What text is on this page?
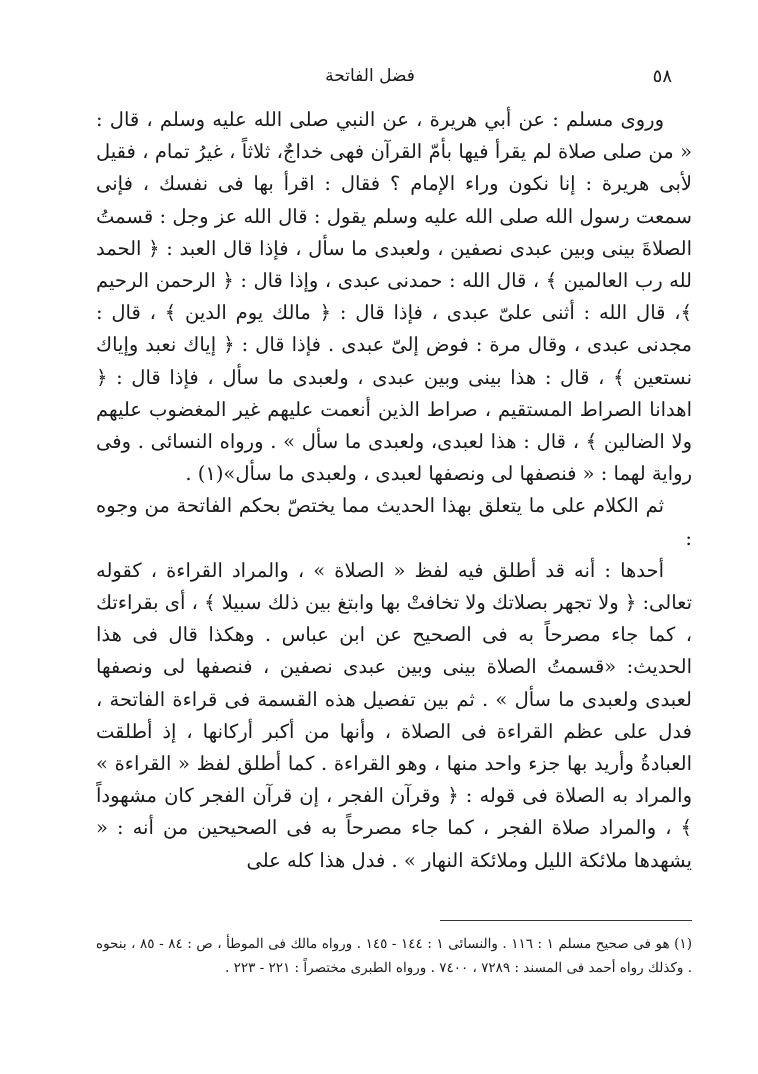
فضل الفاتحة	٥٨

وروى مسلم : عن أبي هريرة ، عن النبي صلى الله عليه وسلم ، قال : « من صلى صلاة لم يقرأ فيها بأمّ القرآن فهى خداجٌ، ثلاثاً ، غيرُ تمام ، فقيل لأبى هريرة : إنا نكون وراء الإمام ؟ فقال : اقرأ بها فى نفسك ، فإنى سمعت رسول الله صلى الله عليه وسلم يقول : قال الله عز وجل : قسمتُ الصلاةَ بينى وبين عبدى نصفين ، ولعبدى ما سأل ، فإذا قال العبد : ﴿ الحمد لله رب العالمين ﴾ ، قال الله : حمدنى عبدى ، وإذا قال : ﴿ الرحمن الرحيم ﴾، قال الله : أثنى علىّ عبدى ، فإذا قال : ﴿ مالك يوم الدين ﴾ ، قال : مجدنى عبدى ، وقال مرة : فوض إلىّ عبدى . فإذا قال : ﴿ إياك نعبد وإياك نستعين ﴾ ، قال : هذا بينى وبين عبدى ، ولعبدى ما سأل ، فإذا قال : ﴿ اهدانا الصراط المستقيم ، صراط الذين أنعمت عليهم غير المغضوب عليهم ولا الضالين ﴾ ، قال : هذا لعبدى، ولعبدى ما سأل » . ورواه النسائى . وفى رواية لهما : « فنصفها لى ونصفها لعبدى ، ولعبدى ما سأل»(١) .

ثم الكلام على ما يتعلق بهذا الحديث مما يختصّ بحكم الفاتحة من وجوه :

أحدها : أنه قد أطلق فيه لفظ « الصلاة » ، والمراد القراءة ، كقوله تعالى: ﴿ ولا تجهر بصلاتك ولا تخافتْ بها وابتغ بين ذلك سبيلا ﴾ ، أى بقراءتك ، كما جاء مصرحاً به فى الصحيح عن ابن عباس . وهكذا قال فى هذا الحديث: «قسمتُ الصلاة بينى وبين عبدى نصفين ، فنصفها لى ونصفها لعبدى ولعبدى ما سأل » . ثم بين تفصيل هذه القسمة فى قراءة الفاتحة ، فدل على عظم القراءة فى الصلاة ، وأنها من أكبر أركانها ، إذ أطلقت العبادةُ وأريد بها جزء واحد منها ، وهو القراءة . كما أطلق لفظ « القراءة » والمراد به الصلاة فى قوله : ﴿ وقرآن الفجر ، إن قرآن الفجر كان مشهوداً ﴾ ، والمراد صلاة الفجر ، كما جاء مصرحاً به فى الصحيحين من أنه : « يشهدها ملائكة الليل وملائكة النهار » . فدل هذا كله على

(١) هو فى صحيح مسلم ١ : ١١٦ . والنسائى ١ : ١٤٤ - ١٤٥ . ورواه مالك فى الموطأ ، ص : ٨٤ - ٨٥ ، بنحوه . وكذلك رواه أحمد فى المسند : ٧٢٨٩ ، ٧٤٠٠ . ورواه الطبرى مختصراً : ٢٢١ - ٢٢٣ .
